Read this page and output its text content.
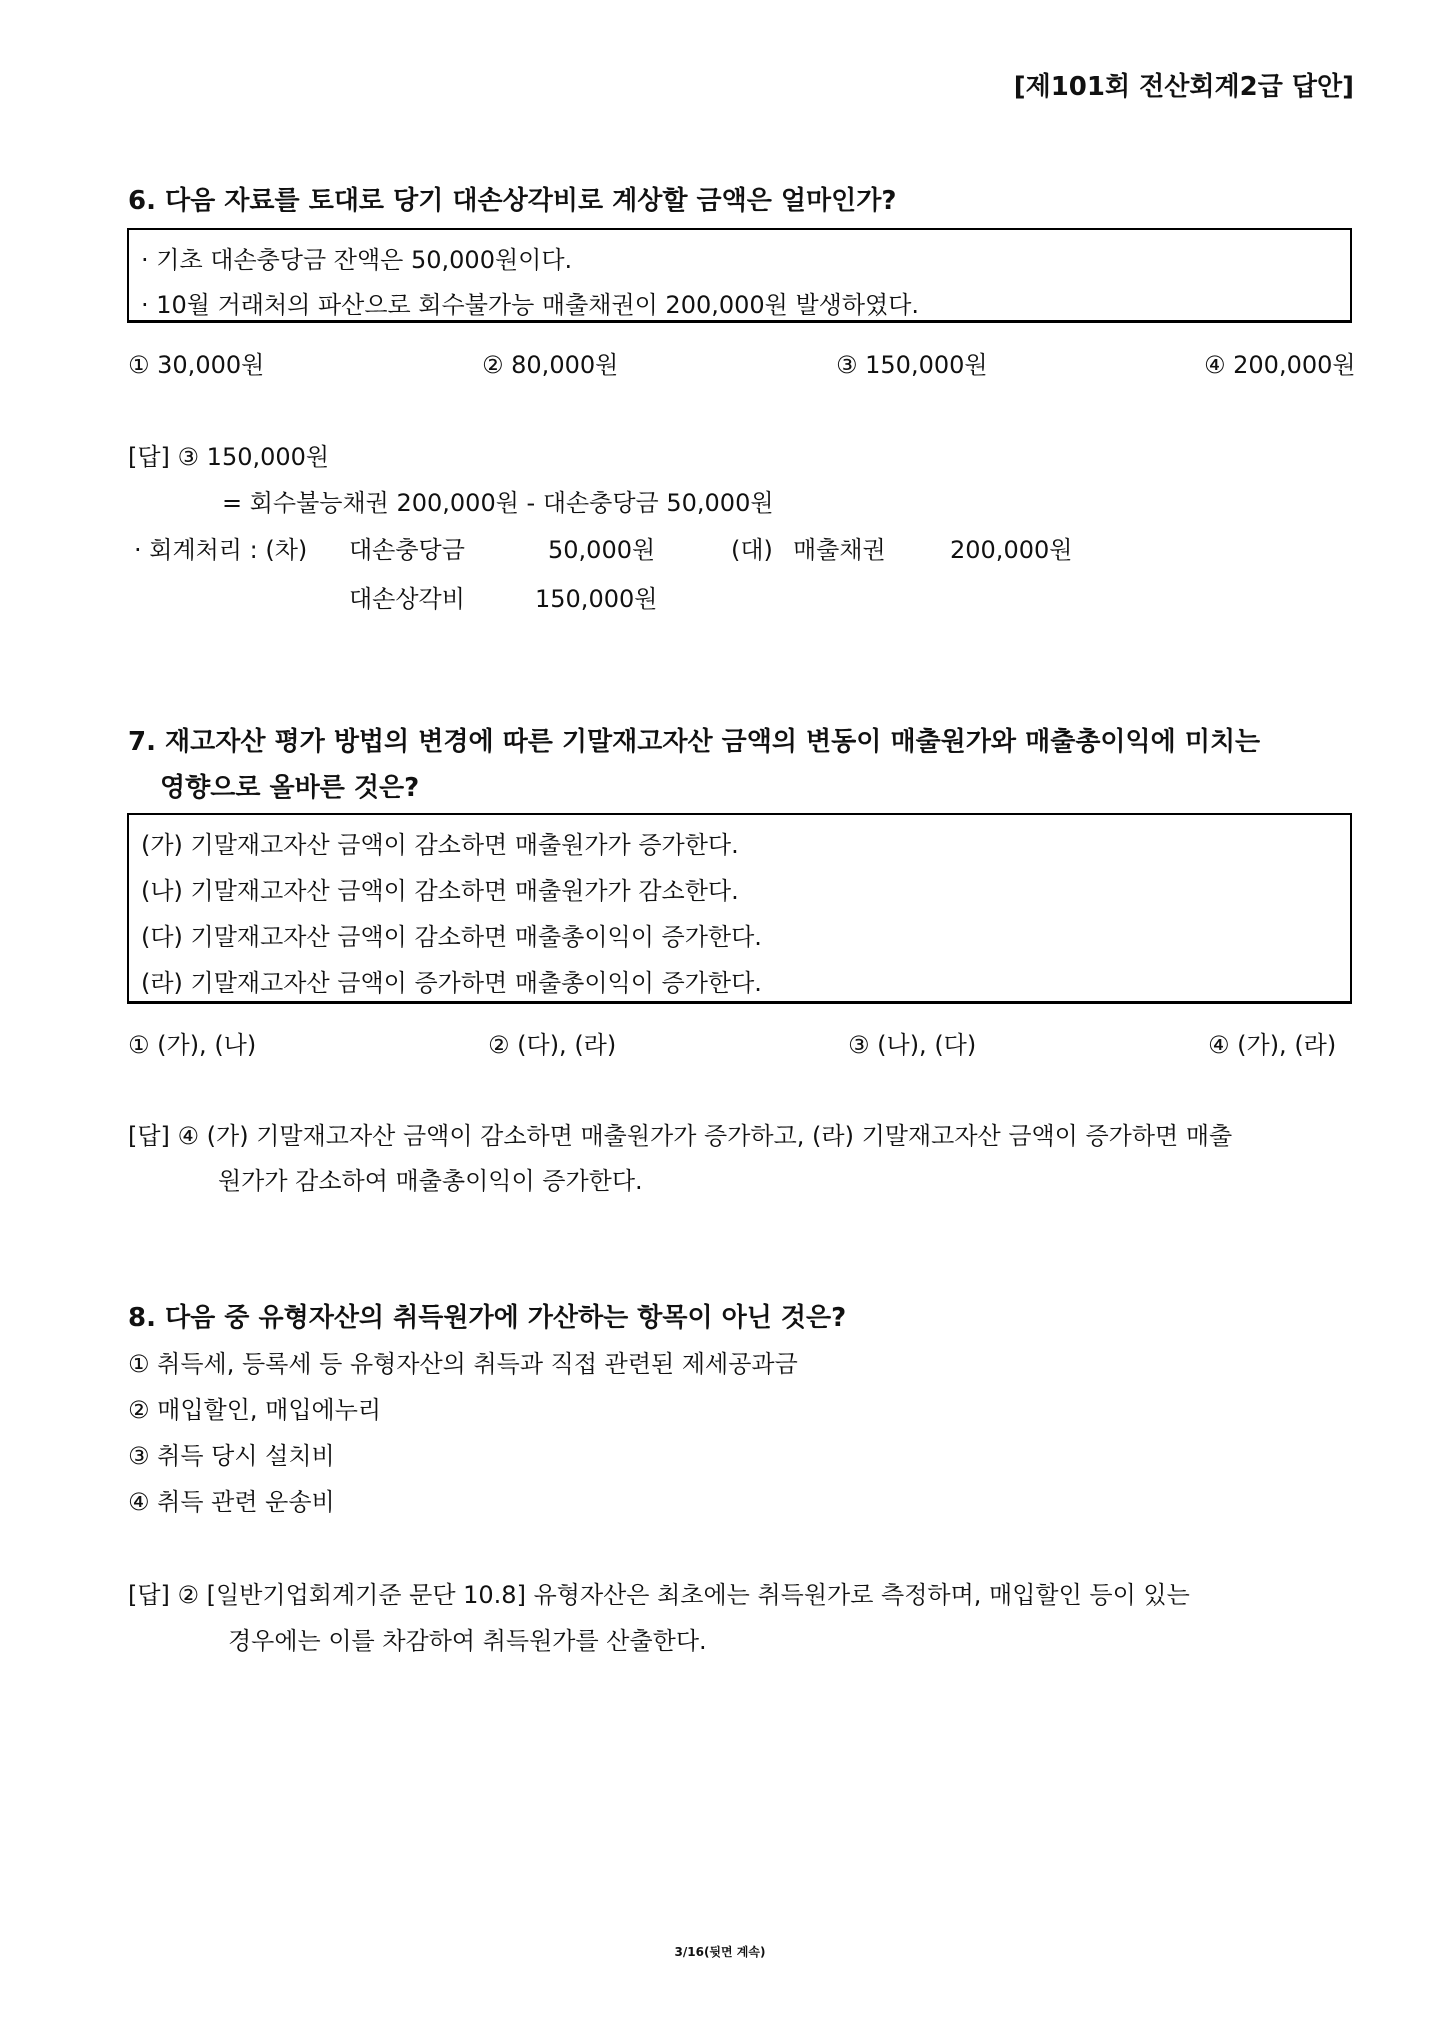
[제101회 전산회계2급 답안]
6. 다음 자료를 토대로 당기 대손상각비로 계상할 금액은 얼마인가?
· 기초 대손충당금 잔액은 50,000원이다.
· 10월 거래처의 파산으로 회수불가능 매출채권이 200,000원 발생하였다.
① 30,000원	② 80,000원	③ 150,000원	④ 200,000원
[답] ③ 150,000원
= 회수불능채권 200,000원 - 대손충당금 50,000원
· 회계처리 : (차) 대손충당금	50,000원	(대) 매출채권	200,000원
대손상각비	150,000원
7. 재고자산 평가 방법의 변경에 따른 기말재고자산 금액의 변동이 매출원가와 매출총이익에 미치는
영향으로 올바른 것은?
(가) 기말재고자산 금액이 감소하면 매출원가가 증가한다.
(나) 기말재고자산 금액이 감소하면 매출원가가 감소한다.
(다) 기말재고자산 금액이 감소하면 매출총이익이 증가한다.
(라) 기말재고자산 금액이 증가하면 매출총이익이 증가한다.
① (가), (나)	② (다), (라)	③ (나), (다)	④ (가), (라)
[답] ④ (가) 기말재고자산 금액이 감소하면 매출원가가 증가하고, (라) 기말재고자산 금액이 증가하면 매출
원가가 감소하여 매출총이익이 증가한다.
8. 다음 중 유형자산의 취득원가에 가산하는 항목이 아닌 것은?
① 취득세, 등록세 등 유형자산의 취득과 직접 관련된 제세공과금
② 매입할인, 매입에누리
③ 취득 당시 설치비
④ 취득 관련 운송비
[답] ② [일반기업회계기준 문단 10.8] 유형자산은 최초에는 취득원가로 측정하며, 매입할인 등이 있는
경우에는 이를 차감하여 취득원가를 산출한다.
3/16(뒷면 계속)
